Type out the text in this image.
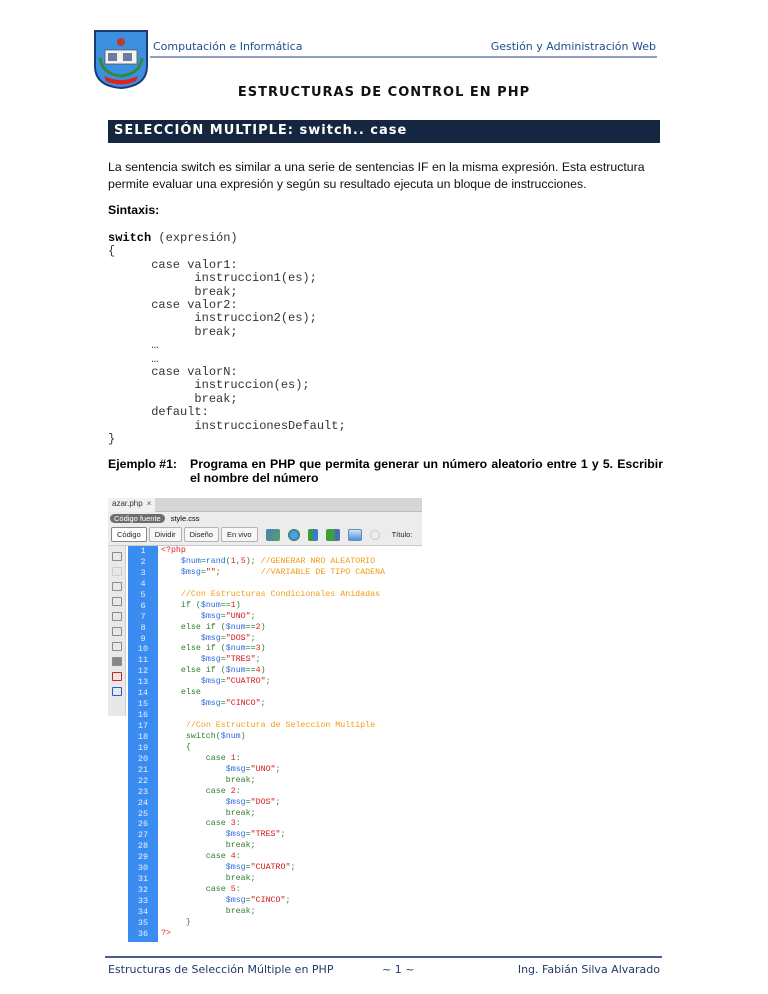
Computación e Informática	Gestión y Administración Web
ESTRUCTURAS DE CONTROL EN PHP
SELECCIÓN MULTIPLE: switch.. case
La sentencia switch es similar a una serie de sentencias IF en la misma expresión. Esta estructura permite evaluar una expresión y según su resultado ejecuta un bloque de instrucciones.
Sintaxis:
switch (expresión)
{
case valor1:
instruccion1(es);
break;
case valor2:
instruccion2(es);
break;
…
…
case valorN:
instruccion(es);
break;
default:
instruccionesDefault;
}
Ejemplo #1:	Programa en PHP que permita generar un número aleatorio entre 1 y 5. Escribir el nombre del número
azar.php ×
Código fuente	style.css
Código	Dividir	Diseño	En vivo	Título:
1
2
3
4
5
6
7
8
9
10
11
12
13
14
15
16
17
18
19
20
21
22
23
24
25
26
27
28
29
30
31
32
33
34
35
36
<?php
$num=rand(1,5); //GENERAR NRO ALEATORIO
$msg="";        //VARIABLE DE TIPO CADENA

//Con Estructuras Condicionales Anidadas
if ($num==1)
$msg="UNO";
else if ($num==2)
$msg="DOS";
else if ($num==3)
$msg="TRES";
else if ($num==4)
$msg="CUATRO";
else
$msg="CINCO";

//Con Estructura de Seleccion Multiple
switch($num)
{
case 1:
$msg="UNO";
break;
case 2:
$msg="DOS";
break;
case 3:
$msg="TRES";
break;
case 4:
$msg="CUATRO";
break;
case 5:
$msg="CINCO";
break;
}
?>
Estructuras de Selección Múltiple en PHP	~ 1 ~	Ing. Fabián Silva Alvarado
